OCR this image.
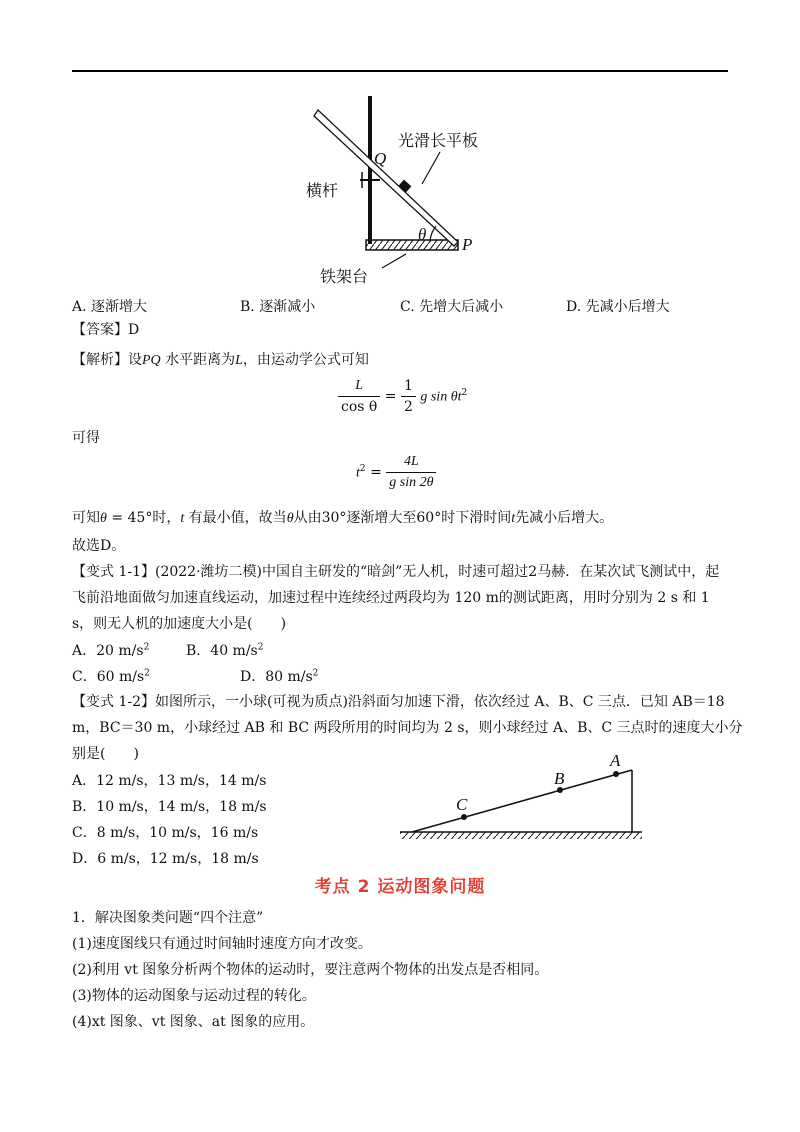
Q
光滑长平板
横杆
θ
P
铁架台
A. 逐渐增大	B. 逐渐减小	C. 先增大后减小	D. 先减小后增大
【答案】D
【解析】设PQ 水平距离为L，由运动学公式可知
$\frac{L}{\text{cos θ}} = \frac{1}{2}$ g $\sin \theta t^2$
可得
$t^2 = \frac{4L}{\text{g sin 2θ}}$
可知θ = 45°时，t 有最小值，故当θ从由30°逐渐增大至60°时下滑时间t先减小后增大。
故选D。
【变式 1-1】(2022·潍坊二模)中国自主研发的“暗剑”无人机，时速可超过2马赫．在某次试飞测试中，起
飞前沿地面做匀加速直线运动，加速过程中连续经过两段均为 120 m的测试距离，用时分别为 2 s 和 1
s，则无人机的加速度大小是(　　)
A．20 $m/s^2$	B．40 $m/s^2$
C．60 $m/s^2$	D．80 $m/s^2$
【变式 1-2】如图所示，一小球(可视为质点)沿斜面匀加速下滑，依次经过 A、B、C 三点．已知 AB＝18
m，BC＝30 m，小球经过 AB 和 BC 两段所用的时间均为 2 s，则小球经过 A、B、C 三点时的速度大小分
别是(　　)
A．12 m/s，13 m/s，14 m/s
B．10 m/s，14 m/s，18 m/s
C．8 m/s，10 m/s，16 m/s
D．6 m/s，12 m/s，18 m/s
A
B
C
考点 2 运动图象问题
1．解决图象类问题“四个注意”
(1)速度图线只有通过时间轴时速度方向才改变。
(2)利用 vt 图象分析两个物体的运动时，要注意两个物体的出发点是否相同。
(3)物体的运动图象与运动过程的转化。
(4)xt 图象、vt 图象、at 图象的应用。
